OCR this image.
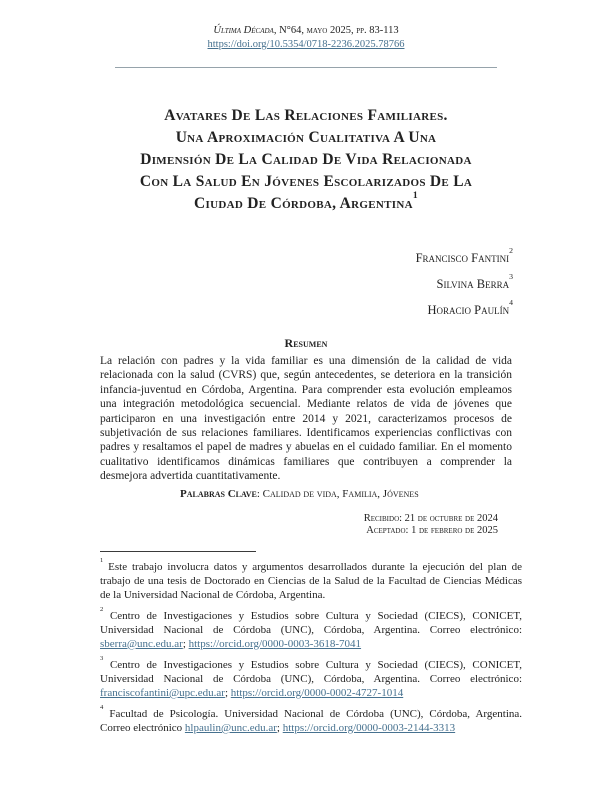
Última Década, N°64, mayo 2025, pp. 83-113
https://doi.org/10.5354/0718-2236.2025.78766
Avatares De Las Relaciones Familiares.
Una Aproximación Cualitativa A Una
Dimensión De La Calidad De Vida Relacionada
Con La Salud En Jóvenes Escolarizados De La
Ciudad De Córdoba, Argentina$^1$
Francisco Fantini$^2$
Silvina Berra$^3$
Horacio Paulín$^4$
Resumen

La relación con padres y la vida familiar es una dimensión de la calidad de vida relacionada con la salud (CVRS) que, según antecedentes, se deteriora en la transición infancia-juventud en Córdoba, Argentina. Para comprender esta evolución empleamos una integración metodológica secuencial. Mediante relatos de vida de jóvenes que participaron en una investigación entre 2014 y 2021, caracterizamos procesos de subjetivación de sus relaciones familiares. Identificamos experiencias conflictivas con padres y resaltamos el papel de madres y abuelas en el cuidado familiar. En el momento cualitativo identificamos dinámicas familiares que contribuyen a comprender la desmejora advertida cuantitativamente.

Palabras Clave: Calidad de vida, Familia, Jóvenes

Recibido: 21 de octubre de 2024
Aceptado: 1 de febrero de 2025

$^1$ Este trabajo involucra datos y argumentos desarrollados durante la ejecución del plan de trabajo de una tesis de Doctorado en Ciencias de la Salud de la Facultad de Ciencias Médicas de la Universidad Nacional de Córdoba, Argentina.

$^2$ Centro de Investigaciones y Estudios sobre Cultura y Sociedad (CIECS), CONICET, Universidad Nacional de Córdoba (UNC), Córdoba, Argentina. Correo electrónico: sberra@unc.edu.ar; https://orcid.org/0000-0003-3618-7041

$^3$ Centro de Investigaciones y Estudios sobre Cultura y Sociedad (CIECS), CONICET, Universidad Nacional de Córdoba (UNC), Córdoba, Argentina. Correo electrónico: franciscofantini@upc.edu.ar; https://orcid.org/0000-0002-4727-1014

$^4$ Facultad de Psicología. Universidad Nacional de Córdoba (UNC), Córdoba, Argentina. Correo electrónico hlpaulin@unc.edu.ar; https://orcid.org/0000-0003-2144-3313
